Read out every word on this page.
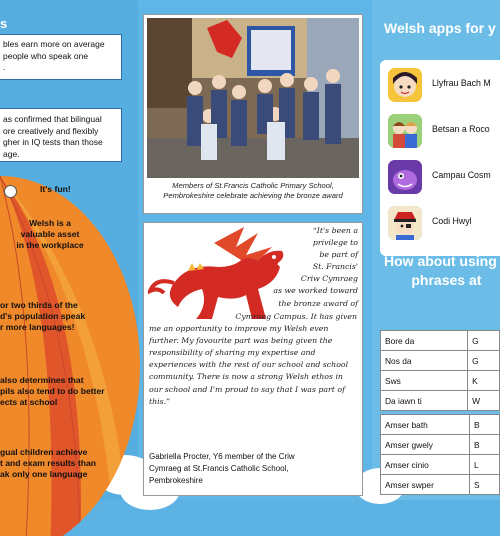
s
bles earn more on average
people who speak one
.
as confirmed that bilingual
ore creatively and flexibly
gher in IQ tests than those
age.
It's fun!
Welsh is a
valuable asset
in the workplace
or two thirds of the
d's population speak
r more languages!
also determines that
pils also tend to do better
ects at school
gual children achieve
t and exam results than
ak only one language
Members of St.Francis Catholic Primary School,
Pembrokeshire celebrate achieving the bronze award
“It's been a
privilege to
be part of
St. Francis'
Criw Cymraeg
as we worked toward
the bronze award of
Cymraeg Campus. It has given
me an opportunity to improve my Welsh even
further. My favourite part was being given the
responsibility of sharing my expertise and
experiences with the rest of our school and school
community. There is now a strong Welsh ethos in
our school and I'm proud to say that I was part of
this.”
Gabriella Procter, Y6 member of the Criw
Cymraeg at St.Francis Catholic School,
Pembrokeshire
Welsh apps for y
Llyfrau Bach M
Betsan a Roco
Campau Cosm
Codi Hwyl
How about using
phrases at
Bore da	G
Nos da	G
Sws	K
Da iawn ti	W
Amser bath	B
Amser gwely	B
Amser cinio	L
Amser swper	S
